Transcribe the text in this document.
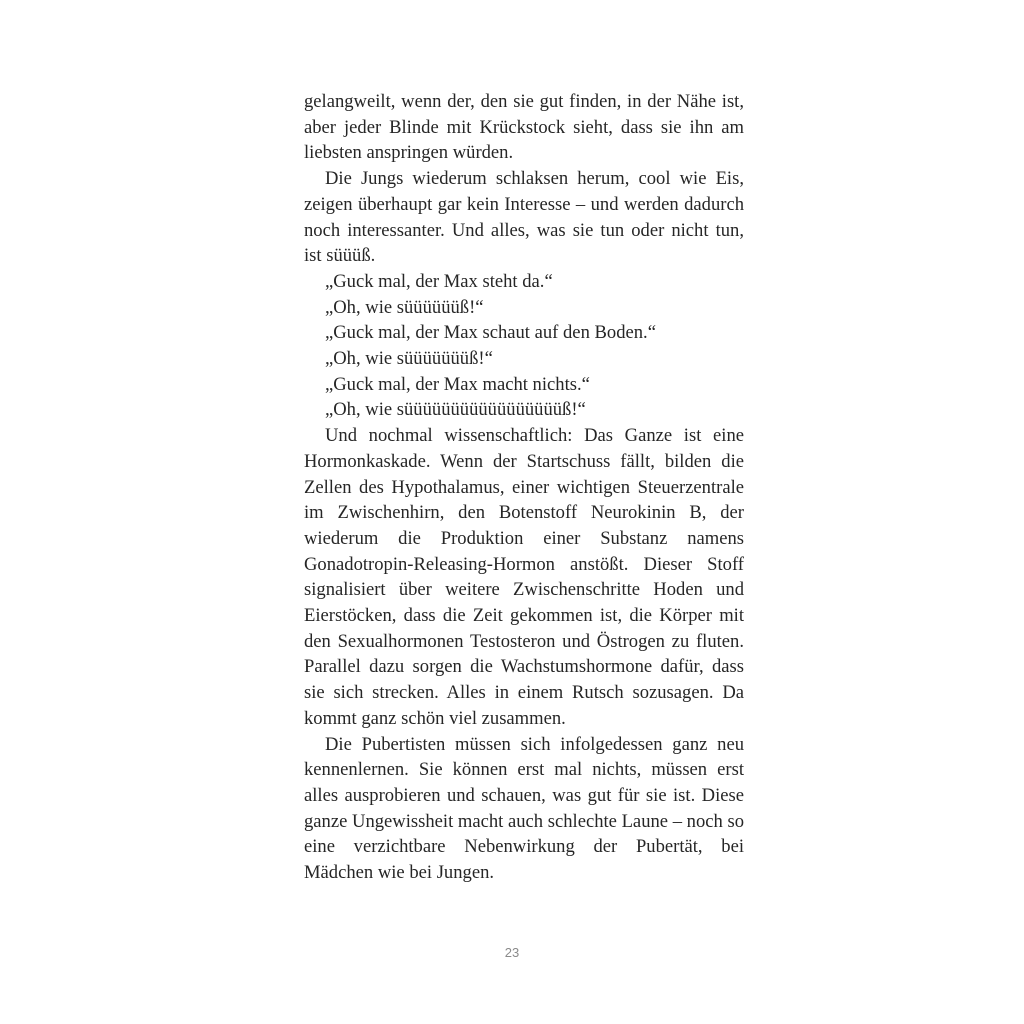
gelangweilt, wenn der, den sie gut finden, in der Nähe ist, aber jeder Blinde mit Krückstock sieht, dass sie ihn am liebsten anspringen würden.

Die Jungs wiederum schlaksen herum, cool wie Eis, zeigen überhaupt gar kein Interesse – und werden dadurch noch interessanter. Und alles, was sie tun oder nicht tun, ist süüüß.

„Guck mal, der Max steht da.“

„Oh, wie süüüüüüß!“

„Guck mal, der Max schaut auf den Boden.“

„Oh, wie süüüüüüüß!“

„Guck mal, der Max macht nichts.“

„Oh, wie süüüüüüüüüüüüüüüüüß!“

Und nochmal wissenschaftlich: Das Ganze ist eine Hormonkaskade. Wenn der Startschuss fällt, bilden die Zellen des Hypothalamus, einer wichtigen Steuerzentrale im Zwischenhirn, den Botenstoff Neurokinin B, der wiederum die Produktion einer Substanz namens Gonadotropin-Releasing-Hormon anstößt. Dieser Stoff signalisiert über weitere Zwischenschritte Hoden und Eierstöcken, dass die Zeit gekommen ist, die Körper mit den Sexualhormonen Testosteron und Östrogen zu fluten. Parallel dazu sorgen die Wachstumshormone dafür, dass sie sich strecken. Alles in einem Rutsch sozusagen. Da kommt ganz schön viel zusammen.

Die Pubertisten müssen sich infolgedessen ganz neu kennenlernen. Sie können erst mal nichts, müssen erst alles ausprobieren und schauen, was gut für sie ist. Diese ganze Ungewissheit macht auch schlechte Laune – noch so eine verzichtbare Nebenwirkung der Pubertät, bei Mädchen wie bei Jungen.

23
